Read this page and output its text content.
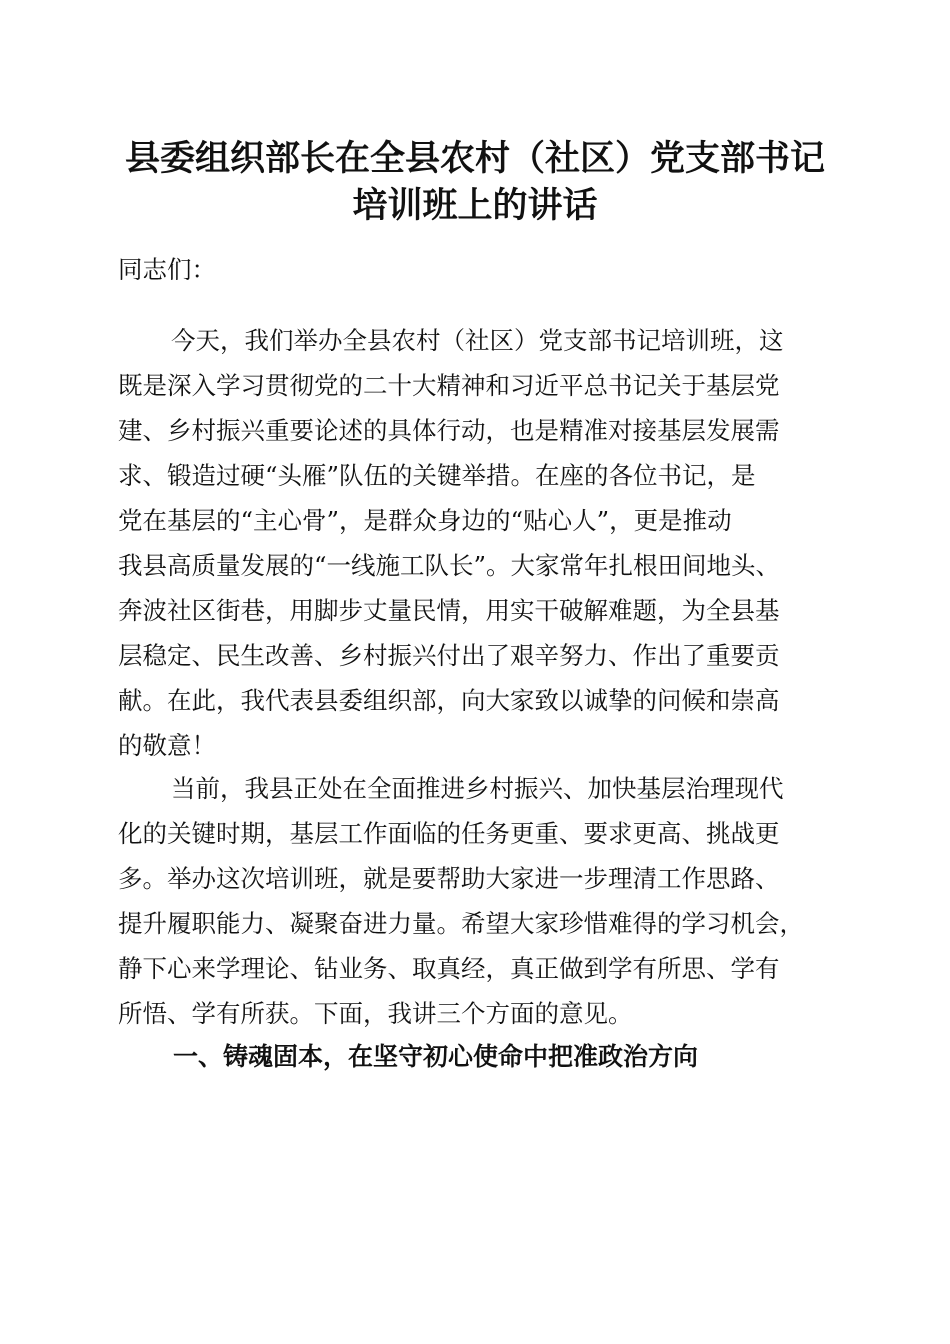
县委组织部长在全县农村（社区）党支部书记
培训班上的讲话
同志们：
今天，我们举办全县农村（社区）党支部书记培训班，这
既是深入学习贯彻党的二十大精神和习近平总书记关于基层党
建、乡村振兴重要论述的具体行动，也是精准对接基层发展需
求、锻造过硬“头雁”队伍的关键举措。在座的各位书记，是
党在基层的“主心骨”，是群众身边的“贴心人”，更是推动
我县高质量发展的“一线施工队长”。大家常年扎根田间地头、
奔波社区街巷，用脚步丈量民情，用实干破解难题，为全县基
层稳定、民生改善、乡村振兴付出了艰辛努力、作出了重要贡
献。在此，我代表县委组织部，向大家致以诚挚的问候和崇高
的敬意！
当前，我县正处在全面推进乡村振兴、加快基层治理现代
化的关键时期，基层工作面临的任务更重、要求更高、挑战更
多。举办这次培训班，就是要帮助大家进一步理清工作思路、
提升履职能力、凝聚奋进力量。希望大家珍惜难得的学习机会，
静下心来学理论、钻业务、取真经，真正做到学有所思、学有
所悟、学有所获。下面，我讲三个方面的意见。
一、铸魂固本，在坚守初心使命中把准政治方向
